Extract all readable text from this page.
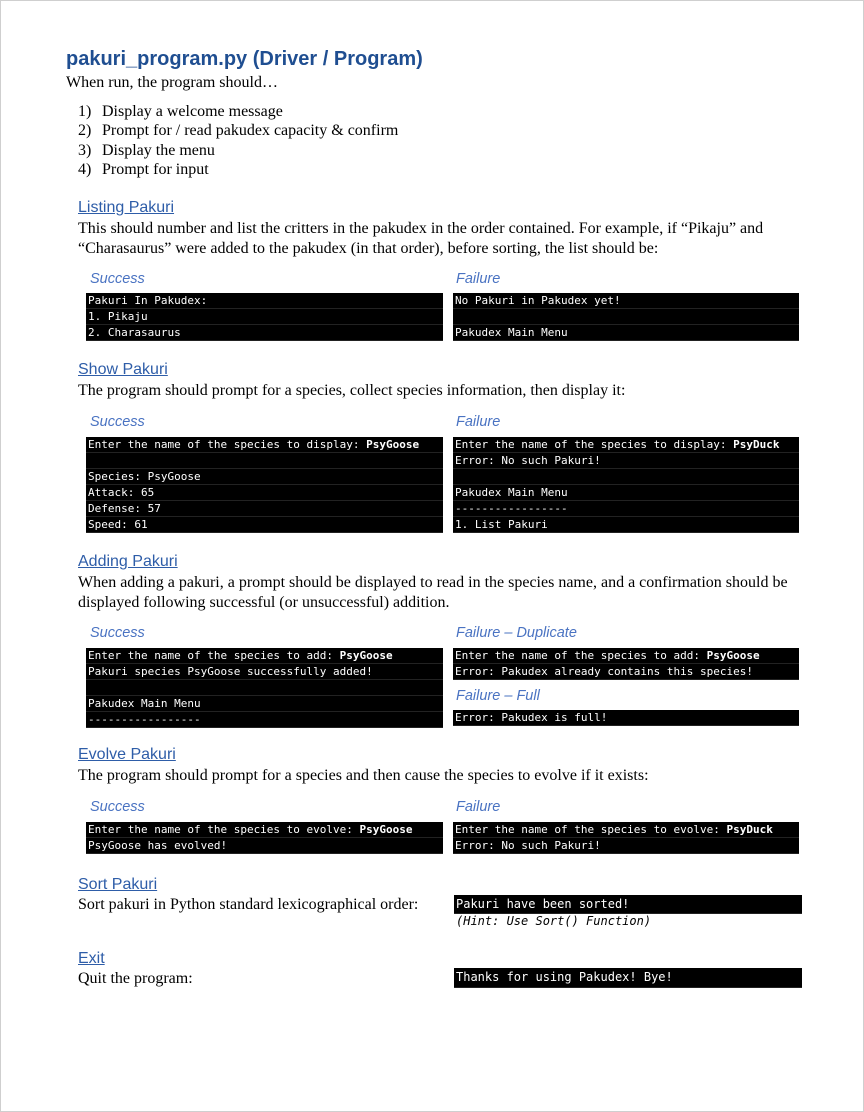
pakuri_program.py (Driver / Program)
When run, the program should…
1) Display a welcome message
2) Prompt for / read pakudex capacity & confirm
3) Display the menu
4) Prompt for input
Listing Pakuri
This should number and list the critters in the pakudex in the order contained. For example, if “Pikaju” and “Charasaurus” were added to the pakudex (in that order), before sorting, the list should be:
Success	Failure
Pakuri In Pakudex:
1. Pikaju
2. Charasaurus
No Pakuri in Pakudex yet!
Pakudex Main Menu
Show Pakuri
The program should prompt for a species, collect species information, then display it:
Success	Failure
Enter the name of the species to display: PsyGoose
Species: PsyGoose
Attack: 65
Defense: 57
Speed: 61
Enter the name of the species to display: PsyDuck
Error: No such Pakuri!
Pakudex Main Menu
-----------------
1. List Pakuri
Adding Pakuri
When adding a pakuri, a prompt should be displayed to read in the species name, and a confirmation should be displayed following successful (or unsuccessful) addition.
Success	Failure – Duplicate
Enter the name of the species to add: PsyGoose
Pakuri species PsyGoose successfully added!
Pakudex Main Menu
-----------------
Enter the name of the species to add: PsyGoose
Error: Pakudex already contains this species!
Failure – Full
Error: Pakudex is full!
Evolve Pakuri
The program should prompt for a species and then cause the species to evolve if it exists:
Success	Failure
Enter the name of the species to evolve: PsyGoose
PsyGoose has evolved!
Enter the name of the species to evolve: PsyDuck
Error: No such Pakuri!
Sort Pakuri
Sort pakuri in Python standard lexicographical order:	Pakuri have been sorted!
(Hint: Use Sort() Function)
Exit
Quit the program:	Thanks for using Pakudex! Bye!
